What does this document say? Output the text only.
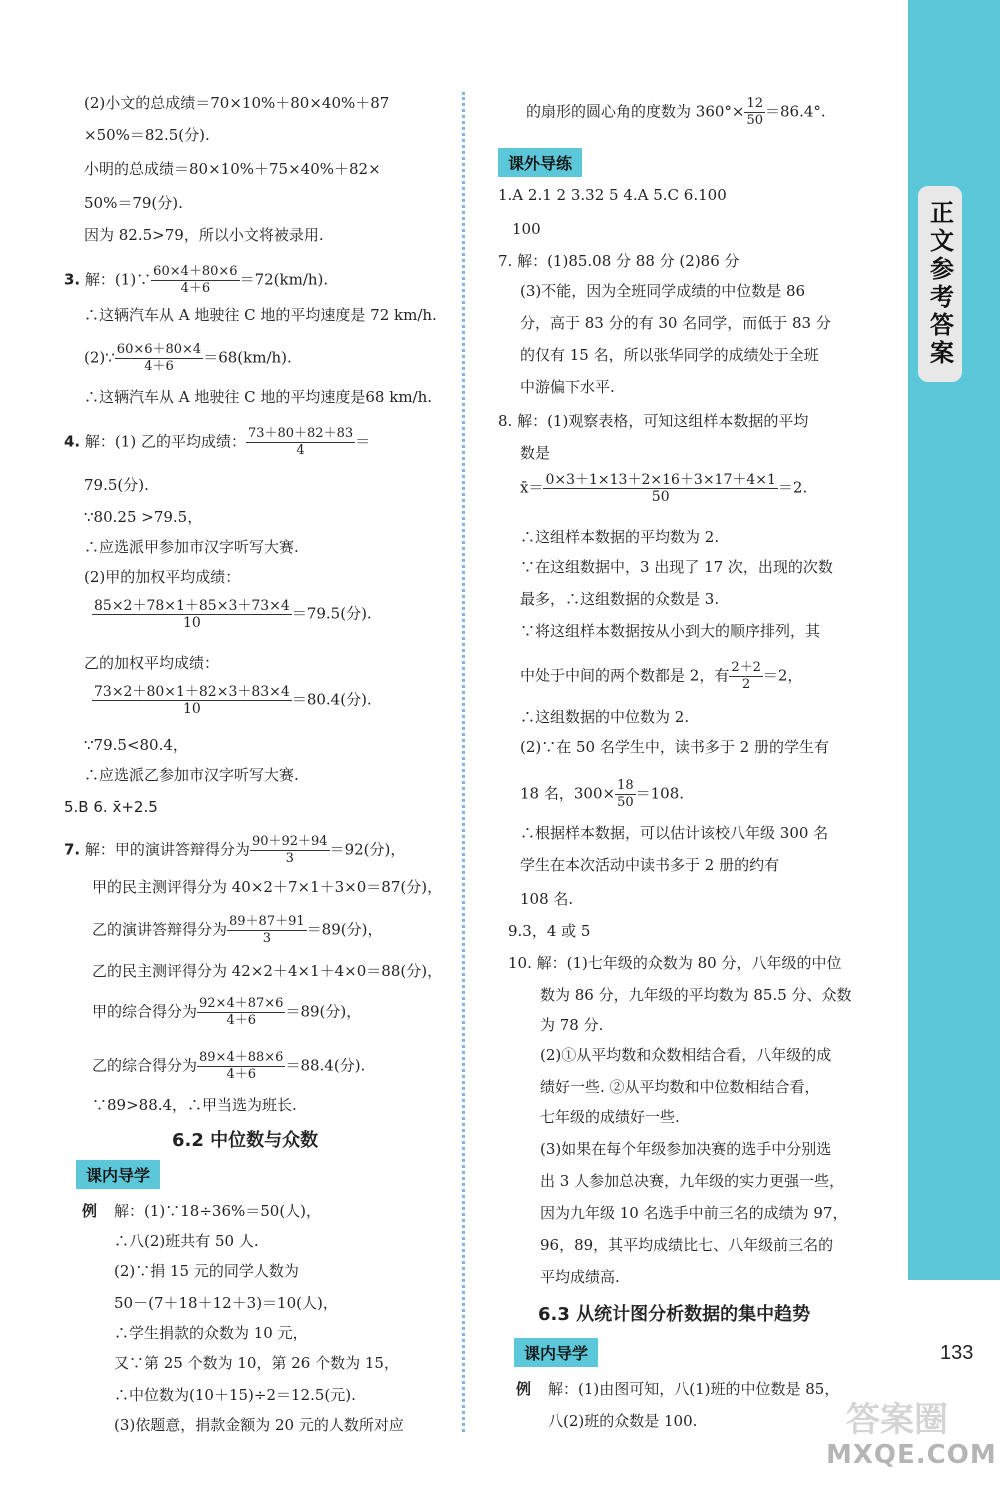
正文参考答案
133
(2)小文的总成绩＝70×10%＋80×40%＋87
×50%＝82.5(分).
小明的总成绩＝80×10%＋75×40%＋82×
50%＝79(分).
因为 82.5>79，所以小文将被录用.
3. 解：(1)∵ $\frac{60\times 4+80\times 6}{4+6} =72(km/h)$.
∴这辆汽车从 A 地驶往 C 地的平均速度是 72 km/h.
(2)∵ $\frac{60\times 6+80\times 4}{4+6} =68(km/h)$.
∴这辆汽车从 A 地驶往 C 地的平均速度是68 km/h.
4. 解：(1) 乙的平均成绩： $\frac{73+80+82+83}{4}$ ＝
79.5(分).
∵80.25 >79.5，
∴应选派甲参加市汉字听写大赛.
(2)甲的加权平均成绩：
$\frac{85\times 2+78\times 1+85\times 3+73\times 4}{10} =79.5$(分).
乙的加权平均成绩：
$\frac{73\times 2+80\times 1+82\times 3+83\times 4}{10} =80.4$(分).
∵79.5<80.4，
∴应选派乙参加市汉字听写大赛.
5.B 6. x̄+2.5
7. 解：甲的演讲答辩得分为 $\frac{90+92+94}{3} =92$(分)，
甲的民主测评得分为 40×2＋7×1＋3×0＝87(分)，
乙的演讲答辩得分为 $\frac{89+87+91}{3} =89$(分)，
乙的民主测评得分为 42×2＋4×1＋4×0＝88(分)，
甲的综合得分为 $\frac{92\times 4+87\times 6}{4+6} =89$(分)，
乙的综合得分为 $\frac{89\times 4+88\times 6}{4+6} =88.4$(分).
∵89>88.4，∴甲当选为班长.
6.2 中位数与众数
课内导学
例 解：(1)∵18÷36%＝50(人)，
∴八(2)班共有 50 人.
(2)∵捐 15 元的同学人数为
50－(7＋18＋12＋3)＝10(人)，
∴学生捐款的众数为 10 元，
又∵第 25 个数为 10，第 26 个数为 15，
∴中位数为(10＋15)÷2＝12.5(元).
(3)依题意，捐款金额为 20 元的人数所对应
的扇形的圆心角的度数为 $360^\circ\times \frac{12}{50} =86.4^\circ$.
课外导练
1.A 2.1 2 3.32 5 4.A 5.C 6.100
100
7. 解：(1)85.08 分 88 分 (2)86 分
(3)不能，因为全班同学成绩的中位数是 86
分，高于 83 分的有 30 名同学，而低于 83 分
的仅有 15 名，所以张华同学的成绩处于全班
中游偏下水平.
8. 解：(1)观察表格，可知这组样本数据的平均
数是
x̄＝ $\frac{0\times 3+1\times 13+2\times 16+3\times 17+4\times 1}{50} =2$.
∴这组样本数据的平均数为 2.
∵在这组数据中，3 出现了 17 次，出现的次数
最多，∴这组数据的众数是 3.
∵将这组样本数据按从小到大的顺序排列，其
中处于中间的两个数都是 2，有 $\frac{2+2}{2} =2$，
∴这组数据的中位数为 2.
(2)∵在 50 名学生中，读书多于 2 册的学生有
18 名，$300\times \frac{18}{50} =108$.
∴根据样本数据，可以估计该校八年级 300 名
学生在本次活动中读书多于 2 册的约有
108 名.
9.3，4 或 5
10. 解：(1)七年级的众数为 80 分，八年级的中位
数为 86 分，九年级的平均数为 85.5 分、众数
为 78 分.
(2)①从平均数和众数相结合看，八年级的成
绩好一些. ②从平均数和中位数相结合看，
七年级的成绩好一些.
(3)如果在每个年级参加决赛的选手中分别选
出 3 人参加总决赛，九年级的实力更强一些，
因为九年级 10 名选手中前三名的成绩为 97，
96，89，其平均成绩比七、八年级前三名的
平均成绩高.
6.3 从统计图分析数据的集中趋势
课内导学
例 解：(1)由图可知，八(1)班的中位数是 85，
八(2)班的众数是 100.	答案圈
MXQE.COM
